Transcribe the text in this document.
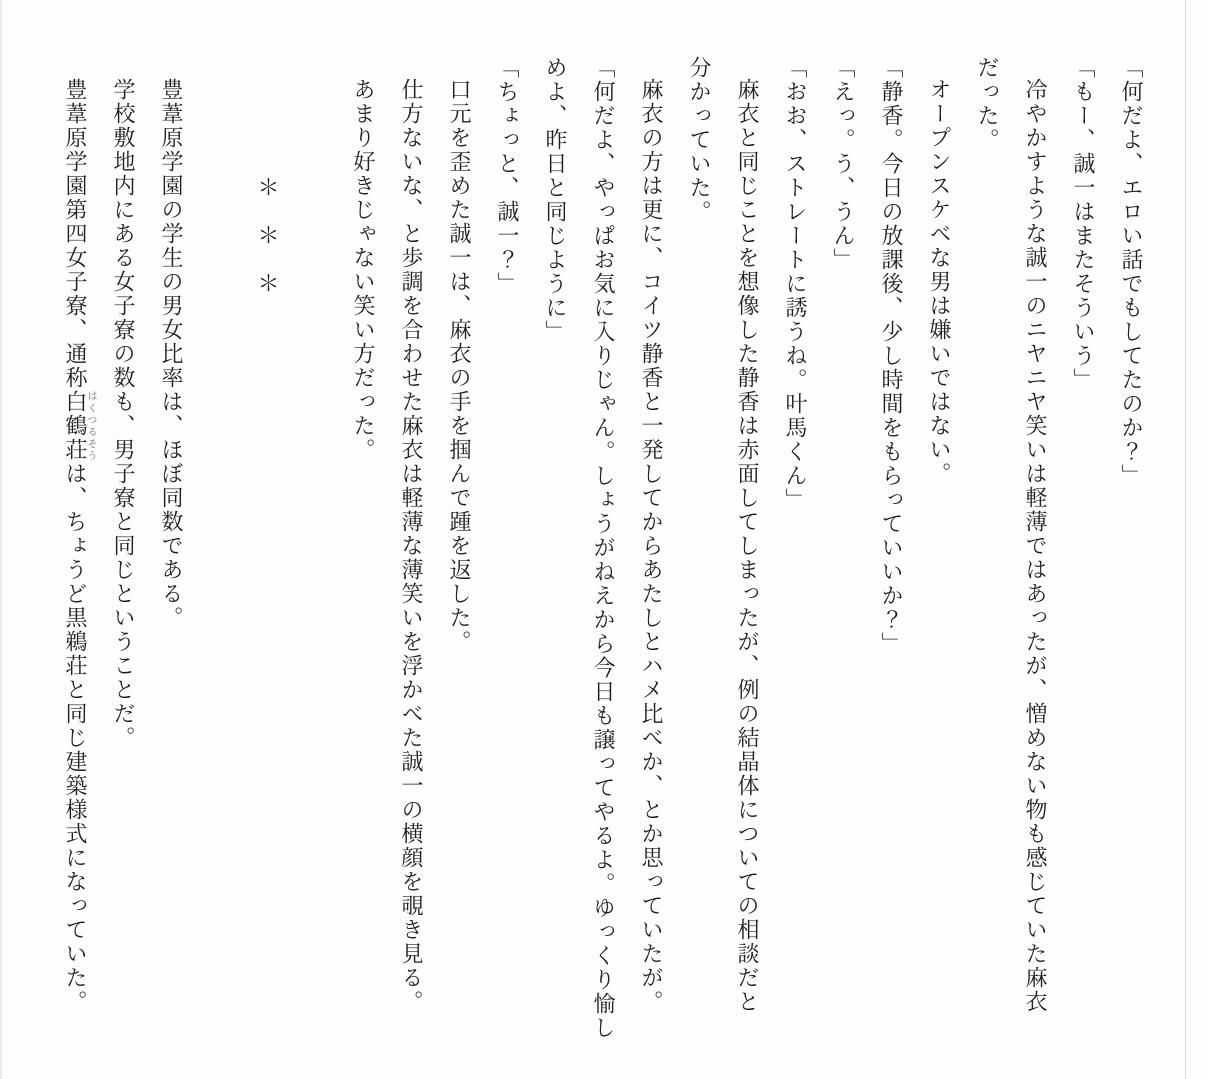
「何だよ、エロい話でもしてたのか？」

「もー、誠一はまたそういう」

冷やかすような誠一のニヤニヤ笑いは軽薄ではあったが、憎めない物も感じていた麻衣

だった。

オープンスケベな男は嫌いではない。

「静香。今日の放課後、少し時間をもらっていいか？」

「えっ。う、うん」

「おお、ストレートに誘うね。叶馬くん」

麻衣と同じことを想像した静香は赤面してしまったが、例の結晶体についての相談だと

分かっていた。

麻衣の方は更に、コイツ静香と一発してからあたしとハメ比べか、とか思っていたが。

「何だよ、やっぱお気に入りじゃん。しょうがねえから今日も譲ってやるよ。ゆっくり愉し

めよ、昨日と同じように」

「ちょっと、誠一？」

口元を歪めた誠一は、麻衣の手を掴んで踵を返した。

仕方ないな、と歩調を合わせた麻衣は軽薄な薄笑いを浮かべた誠一の横顔を覗き見る。

あまり好きじゃない笑い方だった。

　　　　　＊　＊　＊

豊葦原学園の学生の男女比率は、ほぼ同数である。

学校敷地内にある女子寮の数も、男子寮と同じということだ。

豊葦原学園第四女子寮、通称白鶴荘はくつるそうは、ちょうど黒鵜荘と同じ建築様式になっていた。
